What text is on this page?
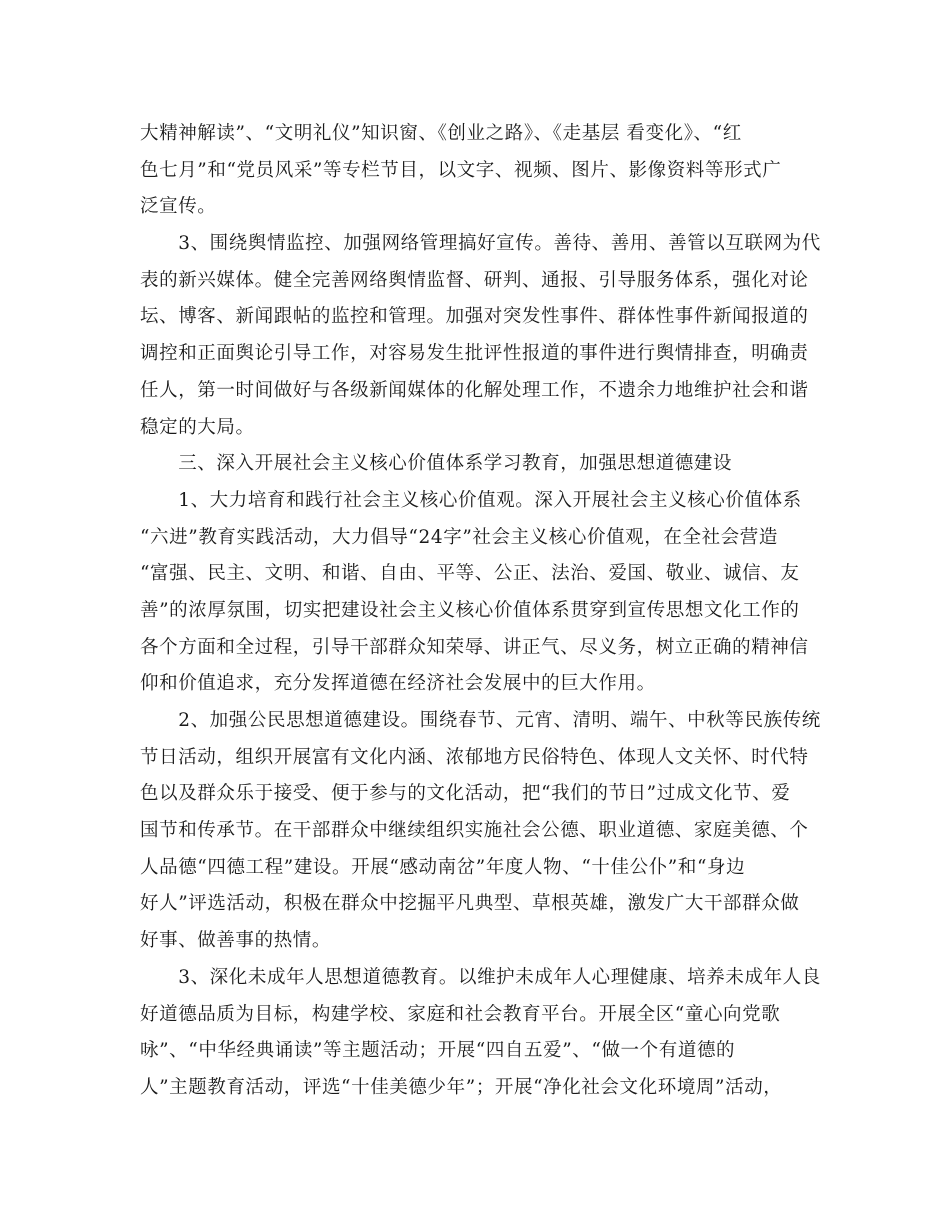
大精神解读”、“文明礼仪”知识窗、《创业之路》、《走基层 看变化》、“红
色七月”和“党员风采”等专栏节目，以文字、视频、图片、影像资料等形式广
泛宣传。
　　3、围绕舆情监控、加强网络管理搞好宣传。善待、善用、善管以互联网为代
表的新兴媒体。健全完善网络舆情监督、研判、通报、引导服务体系，强化对论
坛、博客、新闻跟帖的监控和管理。加强对突发性事件、群体性事件新闻报道的
调控和正面舆论引导工作，对容易发生批评性报道的事件进行舆情排查，明确责
任人，第一时间做好与各级新闻媒体的化解处理工作，不遗余力地维护社会和谐
稳定的大局。
　　三、深入开展社会主义核心价值体系学习教育，加强思想道德建设
　　1、大力培育和践行社会主义核心价值观。深入开展社会主义核心价值体系
“六进”教育实践活动，大力倡导“24字”社会主义核心价值观，在全社会营造
“富强、民主、文明、和谐、自由、平等、公正、法治、爱国、敬业、诚信、友
善”的浓厚氛围，切实把建设社会主义核心价值体系贯穿到宣传思想文化工作的
各个方面和全过程，引导干部群众知荣辱、讲正气、尽义务，树立正确的精神信
仰和价值追求，充分发挥道德在经济社会发展中的巨大作用。
　　2、加强公民思想道德建设。围绕春节、元宵、清明、端午、中秋等民族传统
节日活动，组织开展富有文化内涵、浓郁地方民俗特色、体现人文关怀、时代特
色以及群众乐于接受、便于参与的文化活动，把“我们的节日”过成文化节、爱
国节和传承节。在干部群众中继续组织实施社会公德、职业道德、家庭美德、个
人品德“四德工程”建设。开展“感动南岔”年度人物、“十佳公仆”和“身边
好人”评选活动，积极在群众中挖掘平凡典型、草根英雄，激发广大干部群众做
好事、做善事的热情。
　　3、深化未成年人思想道德教育。以维护未成年人心理健康、培养未成年人良
好道德品质为目标，构建学校、家庭和社会教育平台。开展全区“童心向党歌
咏”、“中华经典诵读”等主题活动；开展“四自五爱”、“做一个有道德的
人”主题教育活动，评选“十佳美德少年”；开展“净化社会文化环境周”活动，
